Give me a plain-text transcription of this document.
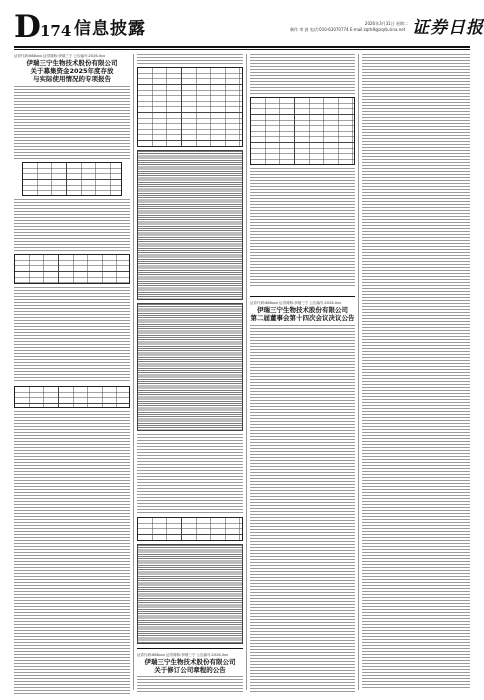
D 174 信息披露	2026年3月31日 星期二
制作 李 波 电话:010-63070774 E-mail:zqrb9@zqrb.sina.net 证券日报
证券代码:688xxx 证券简称:伊瑞三宁 公告编号:2026-0xx
伊瑞三宁生物技术股份有限公司
关于募集资金2025年度存放
与实际使用情况的专项报告
证券代码:688xxx 证券简称:伊瑞三宁 公告编号:2026-0xx
伊瑞三宁生物技术股份有限公司
关于修订公司章程的公告
证券代码:688xxx 证券简称:伊瑞三宁 公告编号:2026-0xx
伊瑞三宁生物技术股份有限公司
第二届董事会第十四次会议决议公告
